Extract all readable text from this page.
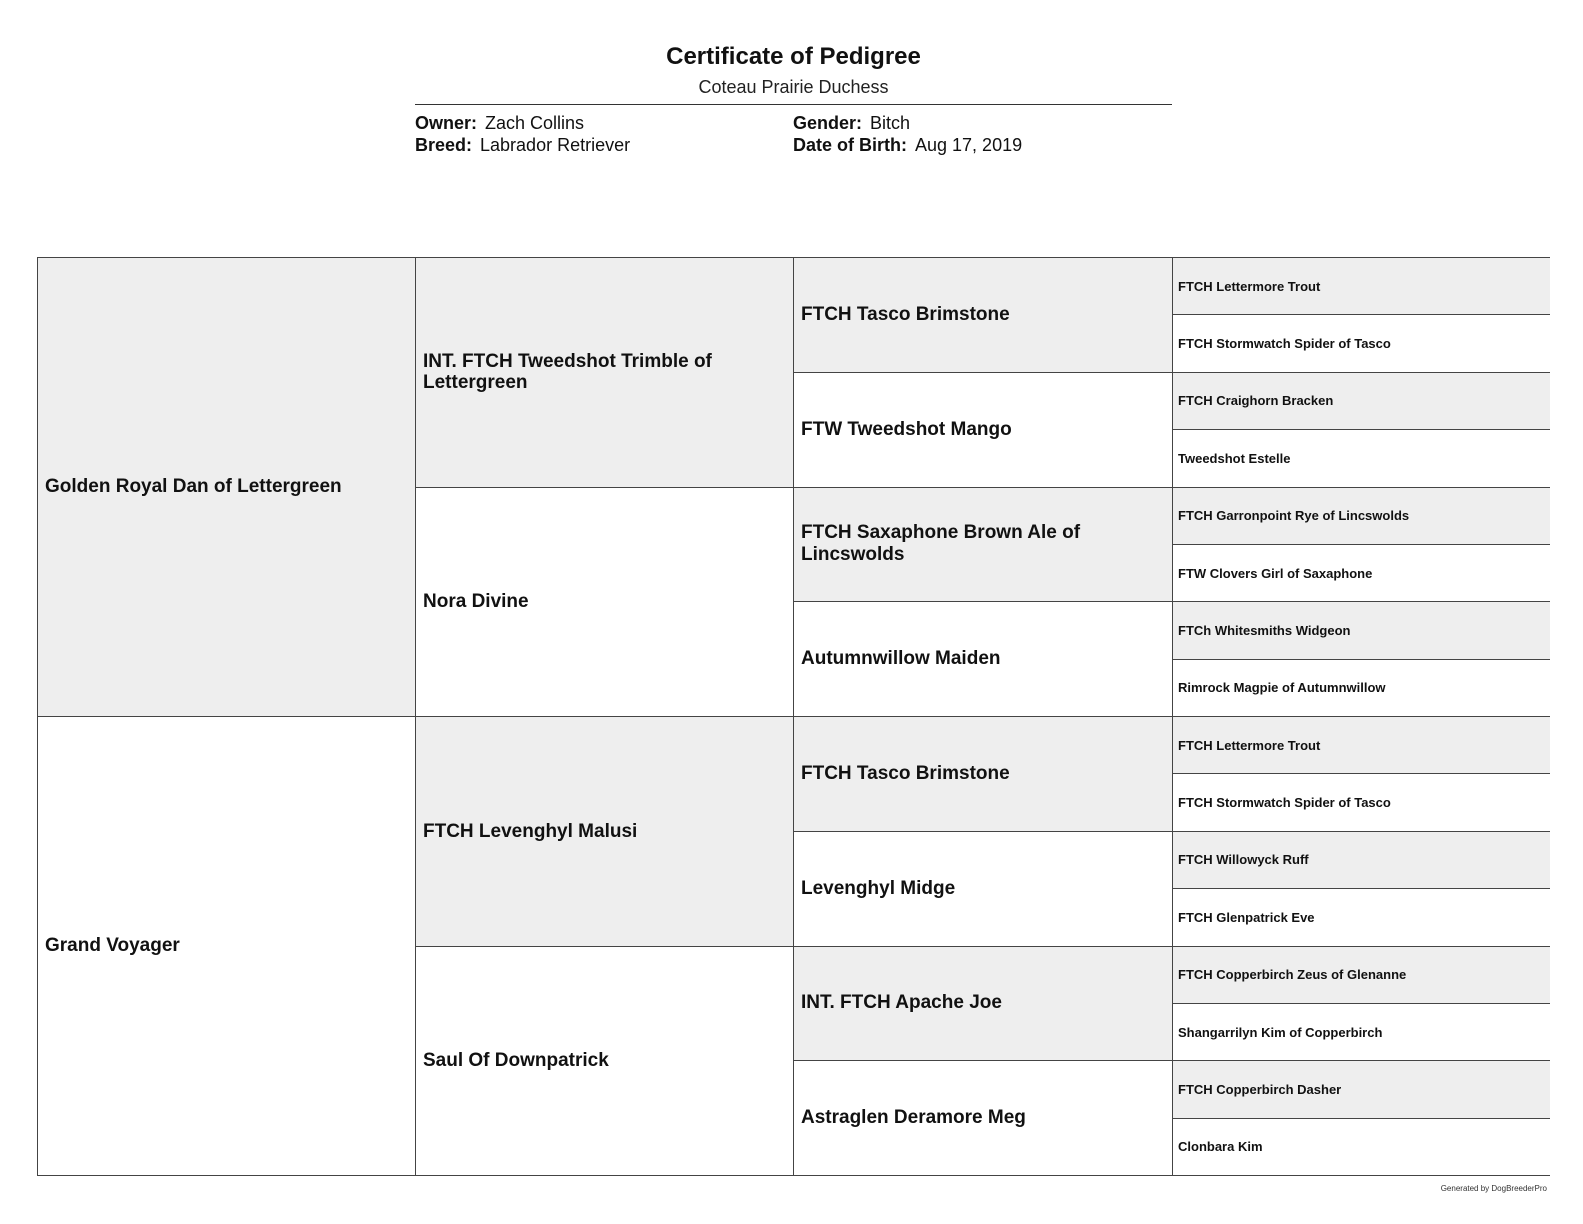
Certificate of Pedigree
Coteau Prairie Duchess
Owner: Zach Collins
Breed: Labrador Retriever
Gender: Bitch
Date of Birth: Aug 17, 2019
Golden Royal Dan of Lettergreen
Grand Voyager
INT. FTCH Tweedshot Trimble of Lettergreen
Nora Divine
FTCH Levenghyl Malusi
Saul Of Downpatrick
FTCH Tasco Brimstone
FTW Tweedshot Mango
FTCH Saxaphone Brown Ale of Lincswolds
Autumnwillow Maiden
FTCH Tasco Brimstone
Levenghyl Midge
INT. FTCH Apache Joe
Astraglen Deramore Meg
FTCH Lettermore Trout
FTCH Stormwatch Spider of Tasco
FTCH Craighorn Bracken
Tweedshot Estelle
FTCH Garronpoint Rye of Lincswolds
FTW Clovers Girl of Saxaphone
FTCh Whitesmiths Widgeon
Rimrock Magpie of Autumnwillow
FTCH Lettermore Trout
FTCH Stormwatch Spider of Tasco
FTCH Willowyck Ruff
FTCH Glenpatrick Eve
FTCH Copperbirch Zeus of Glenanne
Shangarrilyn Kim of Copperbirch
FTCH Copperbirch Dasher
Clonbara Kim
Generated by DogBreederPro
